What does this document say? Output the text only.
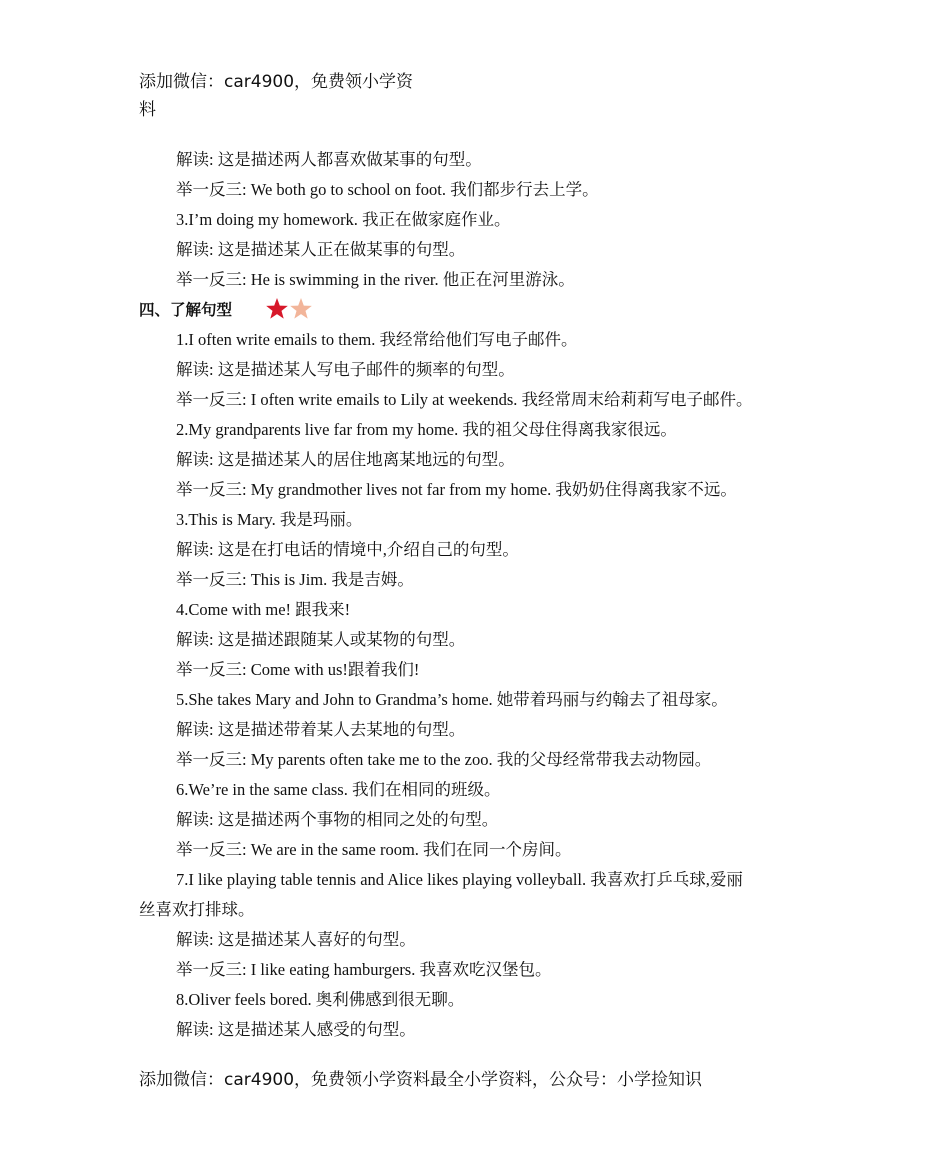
添加微信：car4900，免费领小学资
料
解读: 这是描述两人都喜欢做某事的句型。
举一反三: We both go to school on foot. 我们都步行去上学。
3.I’m doing my homework. 我正在做家庭作业。
解读: 这是描述某人正在做某事的句型。
举一反三: He is swimming in the river. 他正在河里游泳。
四、了解句型
1.I often write emails to them. 我经常给他们写电子邮件。
解读: 这是描述某人写电子邮件的频率的句型。
举一反三: I often write emails to Lily at weekends. 我经常周末给莉莉写电子邮件。
2.My grandparents live far from my home. 我的祖父母住得离我家很远。
解读: 这是描述某人的居住地离某地远的句型。
举一反三: My grandmother lives not far from my home. 我奶奶住得离我家不远。
3.This is Mary. 我是玛丽。
解读: 这是在打电话的情境中,介绍自己的句型。
举一反三: This is Jim. 我是吉姆。
4.Come with me! 跟我来!
解读: 这是描述跟随某人或某物的句型。
举一反三: Come with us!跟着我们!
5.She takes Mary and John to Grandma’s home. 她带着玛丽与约翰去了祖母家。
解读: 这是描述带着某人去某地的句型。
举一反三: My parents often take me to the zoo. 我的父母经常带我去动物园。
6.We’re in the same class. 我们在相同的班级。
解读: 这是描述两个事物的相同之处的句型。
举一反三: We are in the same room. 我们在同一个房间。
7.I like playing table tennis and Alice likes playing volleyball. 我喜欢打乒乓球,爱丽
丝喜欢打排球。
解读: 这是描述某人喜好的句型。
举一反三: I like eating hamburgers. 我喜欢吃汉堡包。
8.Oliver feels bored. 奥利佛感到很无聊。
解读: 这是描述某人感受的句型。
添加微信：car4900，免费领小学资料最全小学资料，公众号：小学捡知识
